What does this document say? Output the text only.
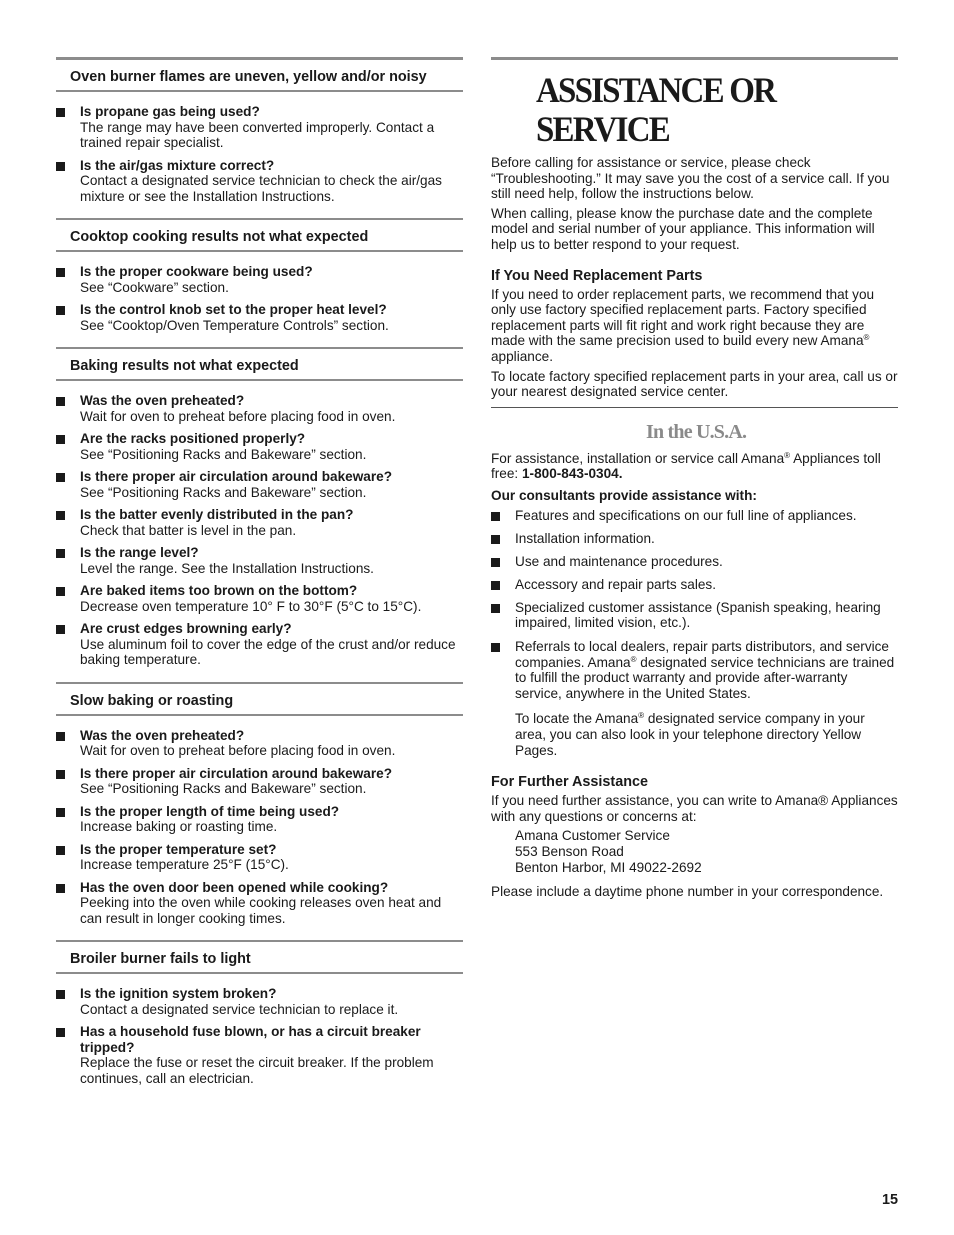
Oven burner flames are uneven, yellow and/or noisy
Is propane gas being used?
The range may have been converted improperly. Contact a trained repair specialist.
Is the air/gas mixture correct?
Contact a designated service technician to check the air/gas mixture or see the Installation Instructions.
Cooktop cooking results not what expected
Is the proper cookware being used?
See “Cookware” section.
Is the control knob set to the proper heat level?
See “Cooktop/Oven Temperature Controls” section.
Baking results not what expected
Was the oven preheated?
Wait for oven to preheat before placing food in oven.
Are the racks positioned properly?
See “Positioning Racks and Bakeware” section.
Is there proper air circulation around bakeware?
See “Positioning Racks and Bakeware” section.
Is the batter evenly distributed in the pan?
Check that batter is level in the pan.
Is the range level?
Level the range. See the Installation Instructions.
Are baked items too brown on the bottom?
Decrease oven temperature 10° F to 30°F (5°C to 15°C).
Are crust edges browning early?
Use aluminum foil to cover the edge of the crust and/or reduce baking temperature.
Slow baking or roasting
Was the oven preheated?
Wait for oven to preheat before placing food in oven.
Is there proper air circulation around bakeware?
See “Positioning Racks and Bakeware” section.
Is the proper length of time being used?
Increase baking or roasting time.
Is the proper temperature set?
Increase temperature 25°F (15°C).
Has the oven door been opened while cooking?
Peeking into the oven while cooking releases oven heat and can result in longer cooking times.
Broiler burner fails to light
Is the ignition system broken?
Contact a designated service technician to replace it.
Has a household fuse blown, or has a circuit breaker tripped?
Replace the fuse or reset the circuit breaker. If the problem continues, call an electrician.
ASSISTANCE OR SERVICE

Before calling for assistance or service, please check “Troubleshooting.” It may save you the cost of a service call. If you still need help, follow the instructions below.

When calling, please know the purchase date and the complete model and serial number of your appliance. This information will help us to better respond to your request.

If You Need Replacement Parts

If you need to order replacement parts, we recommend that you only use factory specified replacement parts. Factory specified replacement parts will fit right and work right because they are made with the same precision used to build every new Amana® appliance.

To locate factory specified replacement parts in your area, call us or your nearest designated service center.

In the U.S.A.

For assistance, installation or service call Amana® Appliances toll free: 1-800-843-0304.

Our consultants provide assistance with:

Features and specifications on our full line of appliances.
Installation information.
Use and maintenance procedures.
Accessory and repair parts sales.
Specialized customer assistance (Spanish speaking, hearing impaired, limited vision, etc.).
Referrals to local dealers, repair parts distributors, and service companies. Amana® designated service technicians are trained to fulfill the product warranty and provide after-warranty service, anywhere in the United States.

To locate the Amana® designated service company in your area, you can also look in your telephone directory Yellow Pages.

For Further Assistance

If you need further assistance, you can write to Amana® Appliances with any questions or concerns at:

Amana Customer Service
553 Benson Road
Benton Harbor, MI 49022-2692

Please include a daytime phone number in your correspondence.

15
